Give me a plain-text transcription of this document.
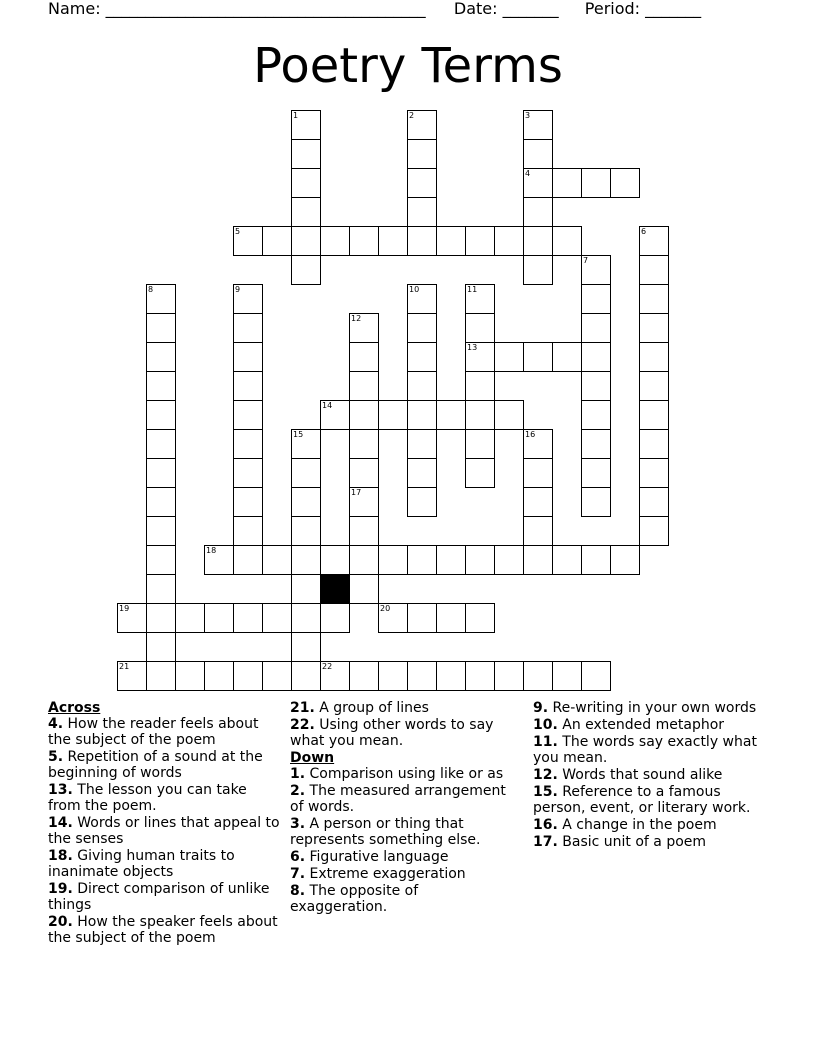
Name: ________________________________________ Date: _______ Period: _______
Poetry Terms
1	2	3
4
5	6
7
8	9	10	11
13
12
14
15	16
17
18
19	20
21	22
Across
4. How the reader feels about the subject of the poem
5. Repetition of a sound at the beginning of words
13. The lesson you can take from the poem.
14. Words or lines that appeal to the senses
18. Giving human traits to inanimate objects
19. Direct comparison of unlike things
20. How the speaker feels about the subject of the poem
21. A group of lines
22. Using other words to say what you mean.
Down
1. Comparison using like or as
2. The measured arrangement of words.
3. A person or thing that represents something else.
6. Figurative language
7. Extreme exaggeration
8. The opposite of exaggeration.
9. Re-writing in your own words
10. An extended metaphor
11. The words say exactly what you mean.
12. Words that sound alike
15. Reference to a famous person, event, or literary work.
16. A change in the poem
17. Basic unit of a poem
